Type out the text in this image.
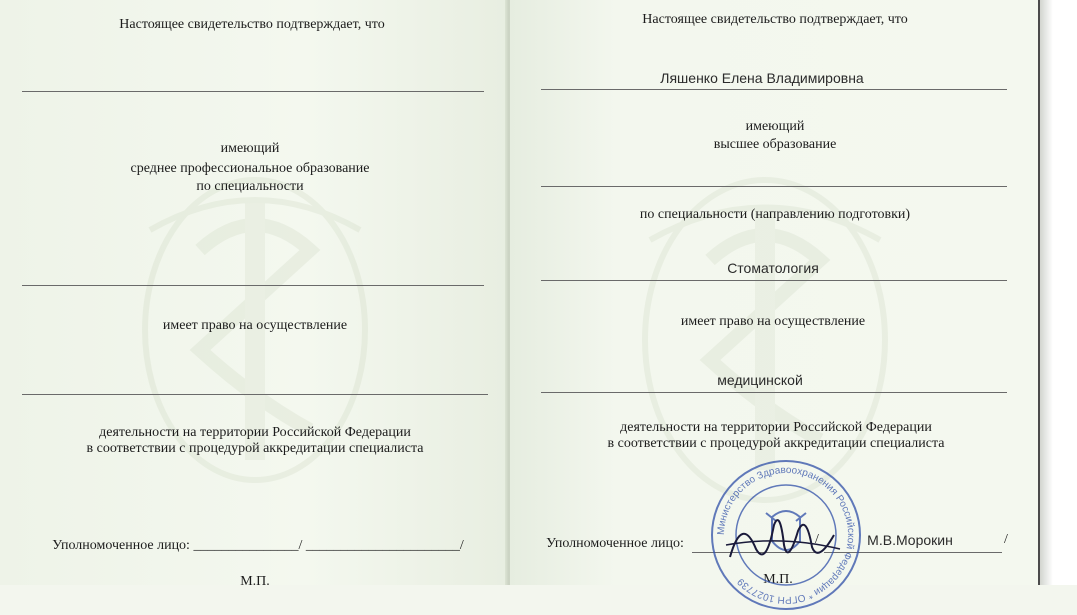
Настоящее свидетельство подтверждает, что
имеющий
среднее профессиональное образование
по специальности
имеет право на осуществление
деятельности на территории Российской Федерации
в соответствии с процедурой аккредитации специалиста
Уполномоченное лицо: _______________/ ______________________/
М.П.
Настоящее свидетельство подтверждает, что
Ляшенко Елена Владимировна
имеющий
высшее образование
по специальности (направлению подготовки)
Стоматология
имеет право на осуществление
медицинской
деятельности на территории Российской Федерации
в соответствии с процедурой аккредитации специалиста
Уполномоченное лицо:	/	М.В.Морокин	/
М.П.
Министерство Здравоохранения Российской Федерации * ОГРН 1027739
